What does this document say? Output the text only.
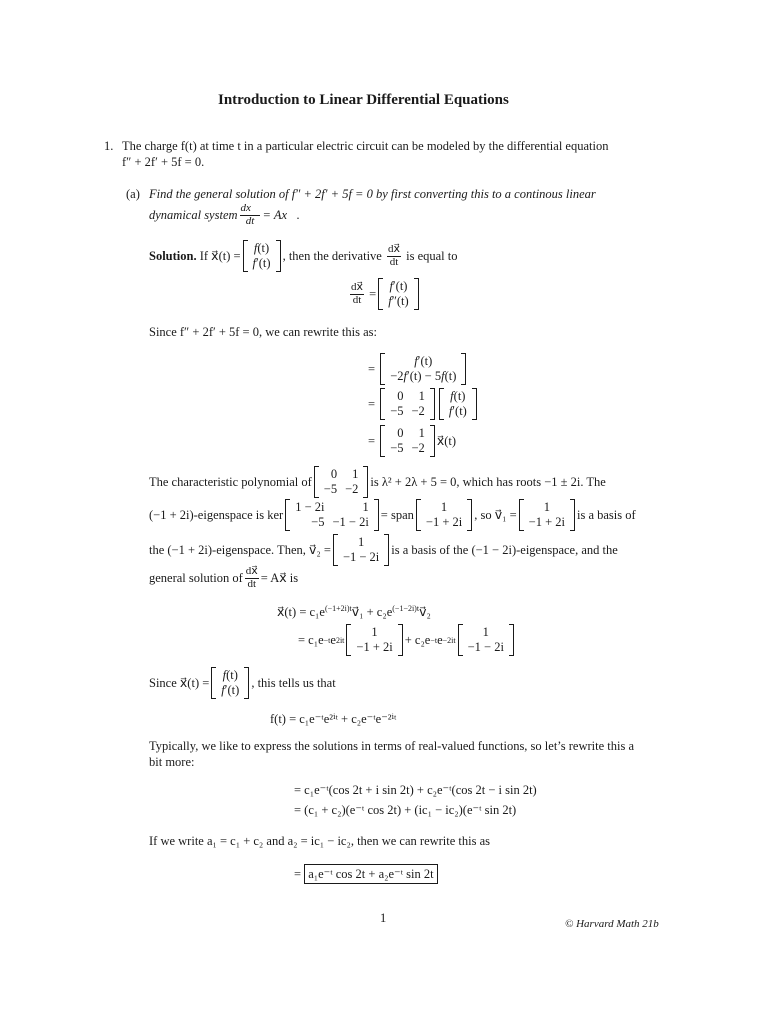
Introduction to Linear Differential Equations
1. The charge f(t) at time t in a particular electric circuit can be modeled by the differential equation
f″ + 2f′ + 5f = 0.
(a) Find the general solution of f″ + 2f′ + 5f = 0 by first converting this to a continous linear
dynamical system $\frac{dx⃗}{dt}$ = Ax⃗.
Solution.
If
x⃗(t) =
f(t)
f′(t)
, then the derivative
$\frac{dx⃗}{dt}$
is equal to
$\frac{dx⃗}{dt}$ =
f′(t)
f″(t)
Since f″ + 2f′ + 5f = 0, we can rewrite this as:
=
f′(t)
−2f′(t) − 5f(t)
=
0	1
−5	−2
f(t)
f′(t)
=
0	1
−5	−2 x⃗(t)
The characteristic polynomial of
0	1
−5	−2
is λ² + 2λ + 5 = 0, which has roots −1 ± 2i. The
(−1 + 2i)-eigenspace is ker
1 − 2i	1
−5	−1 − 2i
= span
1
−1 + 2i
, so v⃗₁ =
1
−1 + 2i
is a basis of
the (−1 + 2i)-eigenspace. Then, v⃗₂ =
1
−1 − 2i
is a basis of the (−1 − 2i)-eigenspace, and the
general solution of $\frac{dx⃗}{dt}$ = Ax⃗ is
x⃗(t) = $c_1e^{(-1+2i)t}v⃗_1$ + $c_2e^{(-1-2i)t}v⃗_2$
= c₁e −t e 2it
1
−1 + 2i
+ c₂e −t e −2it
1
−1 − 2i
Since x⃗(t) =
f(t)
f′(t)
, this tells us that
f(t) = c₁e⁻ᵗe²ⁱᵗ + c₂e⁻ᵗe⁻²ⁱᵗ
Typically, we like to express the solutions in terms of real-valued functions, so let’s rewrite this a
bit more:
= c₁e⁻ᵗ(cos 2t + i sin 2t) + c₂e⁻ᵗ(cos 2t − i sin 2t)
= (c₁ + c₂)(e⁻ᵗ cos 2t) + (ic₁ − ic₂)(e⁻ᵗ sin 2t)
If we write a₁ = c₁ + c₂ and a₂ = ic₁ − ic₂, then we can rewrite this as
=
a₁e⁻ᵗ cos 2t + a₂e⁻ᵗ sin 2t
1	© Harvard Math 21b
